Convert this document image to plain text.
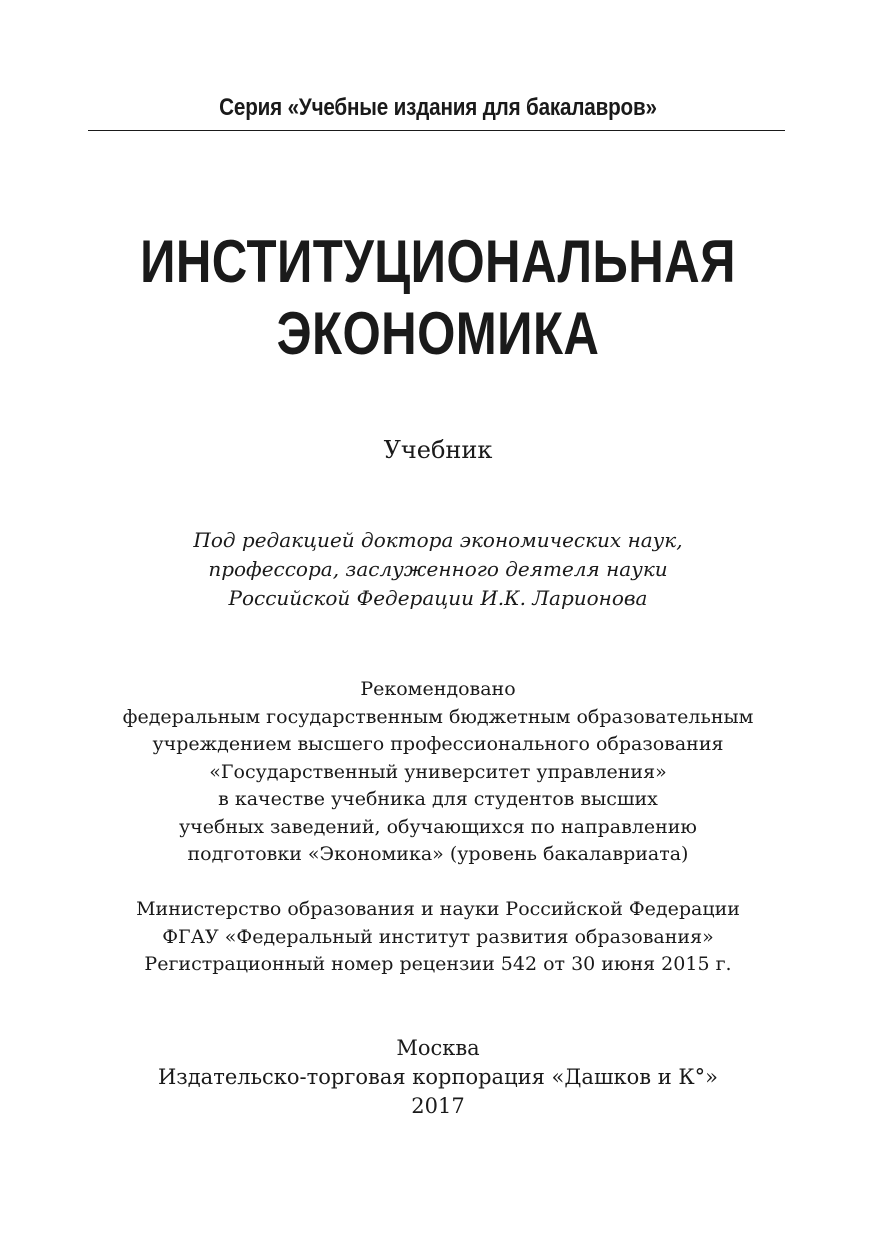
Серия «Учебные издания для бакалавров»
ИНСТИТУЦИОНАЛЬНАЯ
ЭКОНОМИКА
Учебник
Под редакцией доктора экономических наук,
профессора, заслуженного деятеля науки
Российской Федерации И.К. Ларионова
Рекомендовано
федеральным государственным бюджетным образовательным
учреждением высшего профессионального образования
«Государственный университет управления»
в качестве учебника для студентов высших
учебных заведений, обучающихся по направлению
подготовки «Экономика» (уровень бакалавриата)
Министерство образования и науки Российской Федерации
ФГАУ «Федеральный институт развития образования»
Регистрационный номер рецензии 542 от 30 июня 2015 г.
Москва
Издательско-торговая корпорация «Дашков и К°»
2017
